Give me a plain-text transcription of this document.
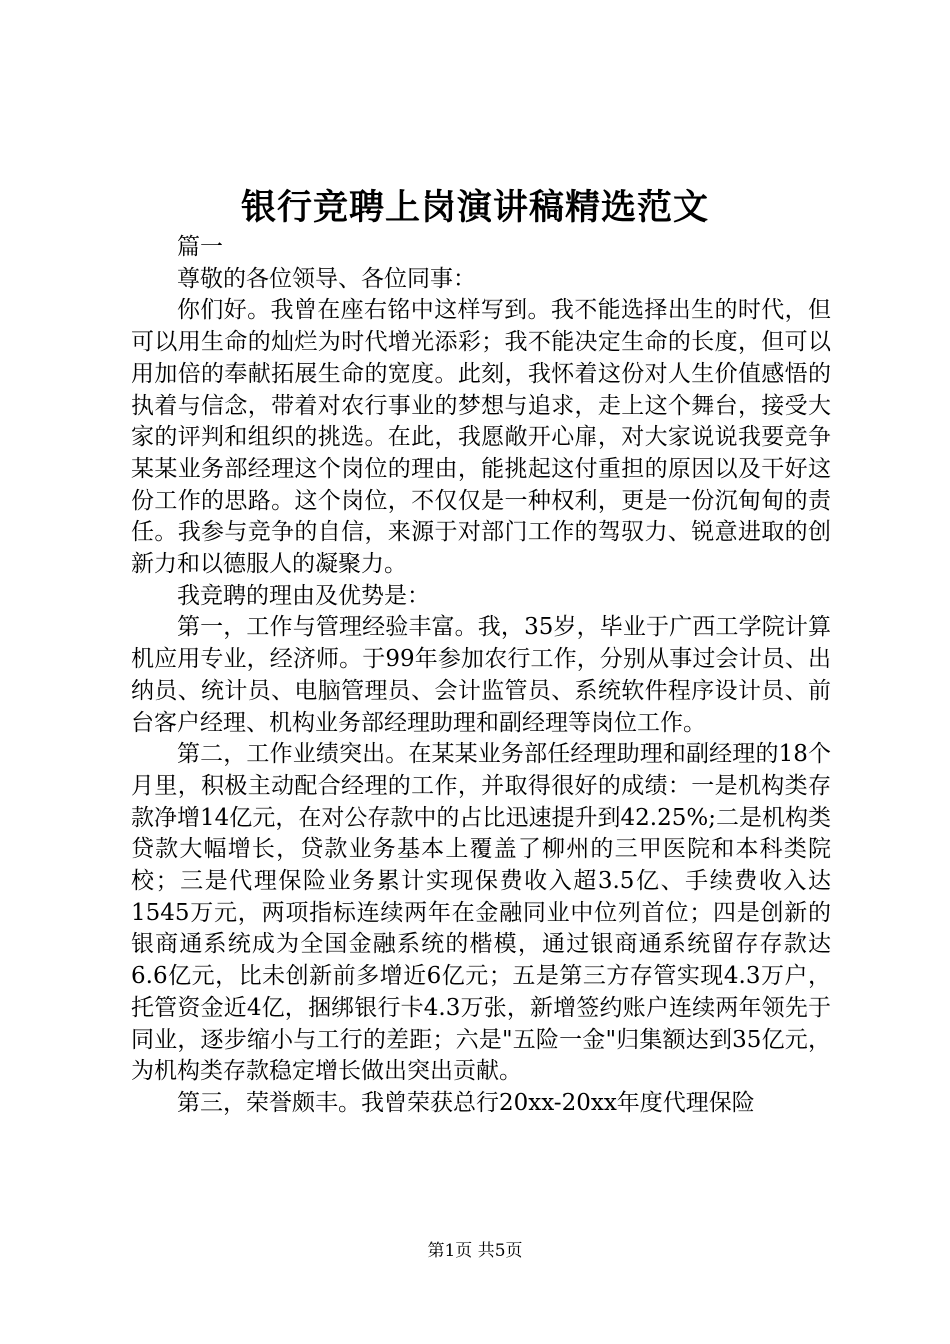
银行竞聘上岗演讲稿精选范文

篇一

尊敬的各位领导、各位同事：

你们好。我曾在座右铭中这样写到。我不能选择出生的时代，但可以用生命的灿烂为时代增光添彩；我不能决定生命的长度，但可以用加倍的奉献拓展生命的宽度。此刻，我怀着这份对人生价值感悟的执着与信念，带着对农行事业的梦想与追求，走上这个舞台，接受大家的评判和组织的挑选。在此，我愿敞开心扉，对大家说说我要竞争某某业务部经理这个岗位的理由，能挑起这付重担的原因以及干好这份工作的思路。这个岗位，不仅仅是一种权利，更是一份沉甸甸的责任。我参与竞争的自信，来源于对部门工作的驾驭力、锐意进取的创新力和以德服人的凝聚力。

我竞聘的理由及优势是：

第一，工作与管理经验丰富。我，35岁，毕业于广西工学院计算机应用专业，经济师。于99年参加农行工作，分别从事过会计员、出纳员、统计员、电脑管理员、会计监管员、系统软件程序设计员、前台客户经理、机构业务部经理助理和副经理等岗位工作。

第二，工作业绩突出。在某某业务部任经理助理和副经理的18个月里，积极主动配合经理的工作，并取得很好的成绩：一是机构类存款净增14亿元，在对公存款中的占比迅速提升到42.25%;二是机构类贷款大幅增长，贷款业务基本上覆盖了柳州的三甲医院和本科类院校；三是代理保险业务累计实现保费收入超3.5亿、手续费收入达1545万元，两项指标连续两年在金融同业中位列首位；四是创新的银商通系统成为全国金融系统的楷模，通过银商通系统留存存款达6.6亿元，比未创新前多增近6亿元；五是第三方存管实现4.3万户，托管资金近4亿，捆绑银行卡4.3万张，新增签约账户连续两年领先于同业，逐步缩小与工行的差距；六是"五险一金"归集额达到35亿元，为机构类存款稳定增长做出突出贡献。

第三，荣誉颇丰。我曾荣获总行20xx-20xx年度代理保险

第1页 共5页
